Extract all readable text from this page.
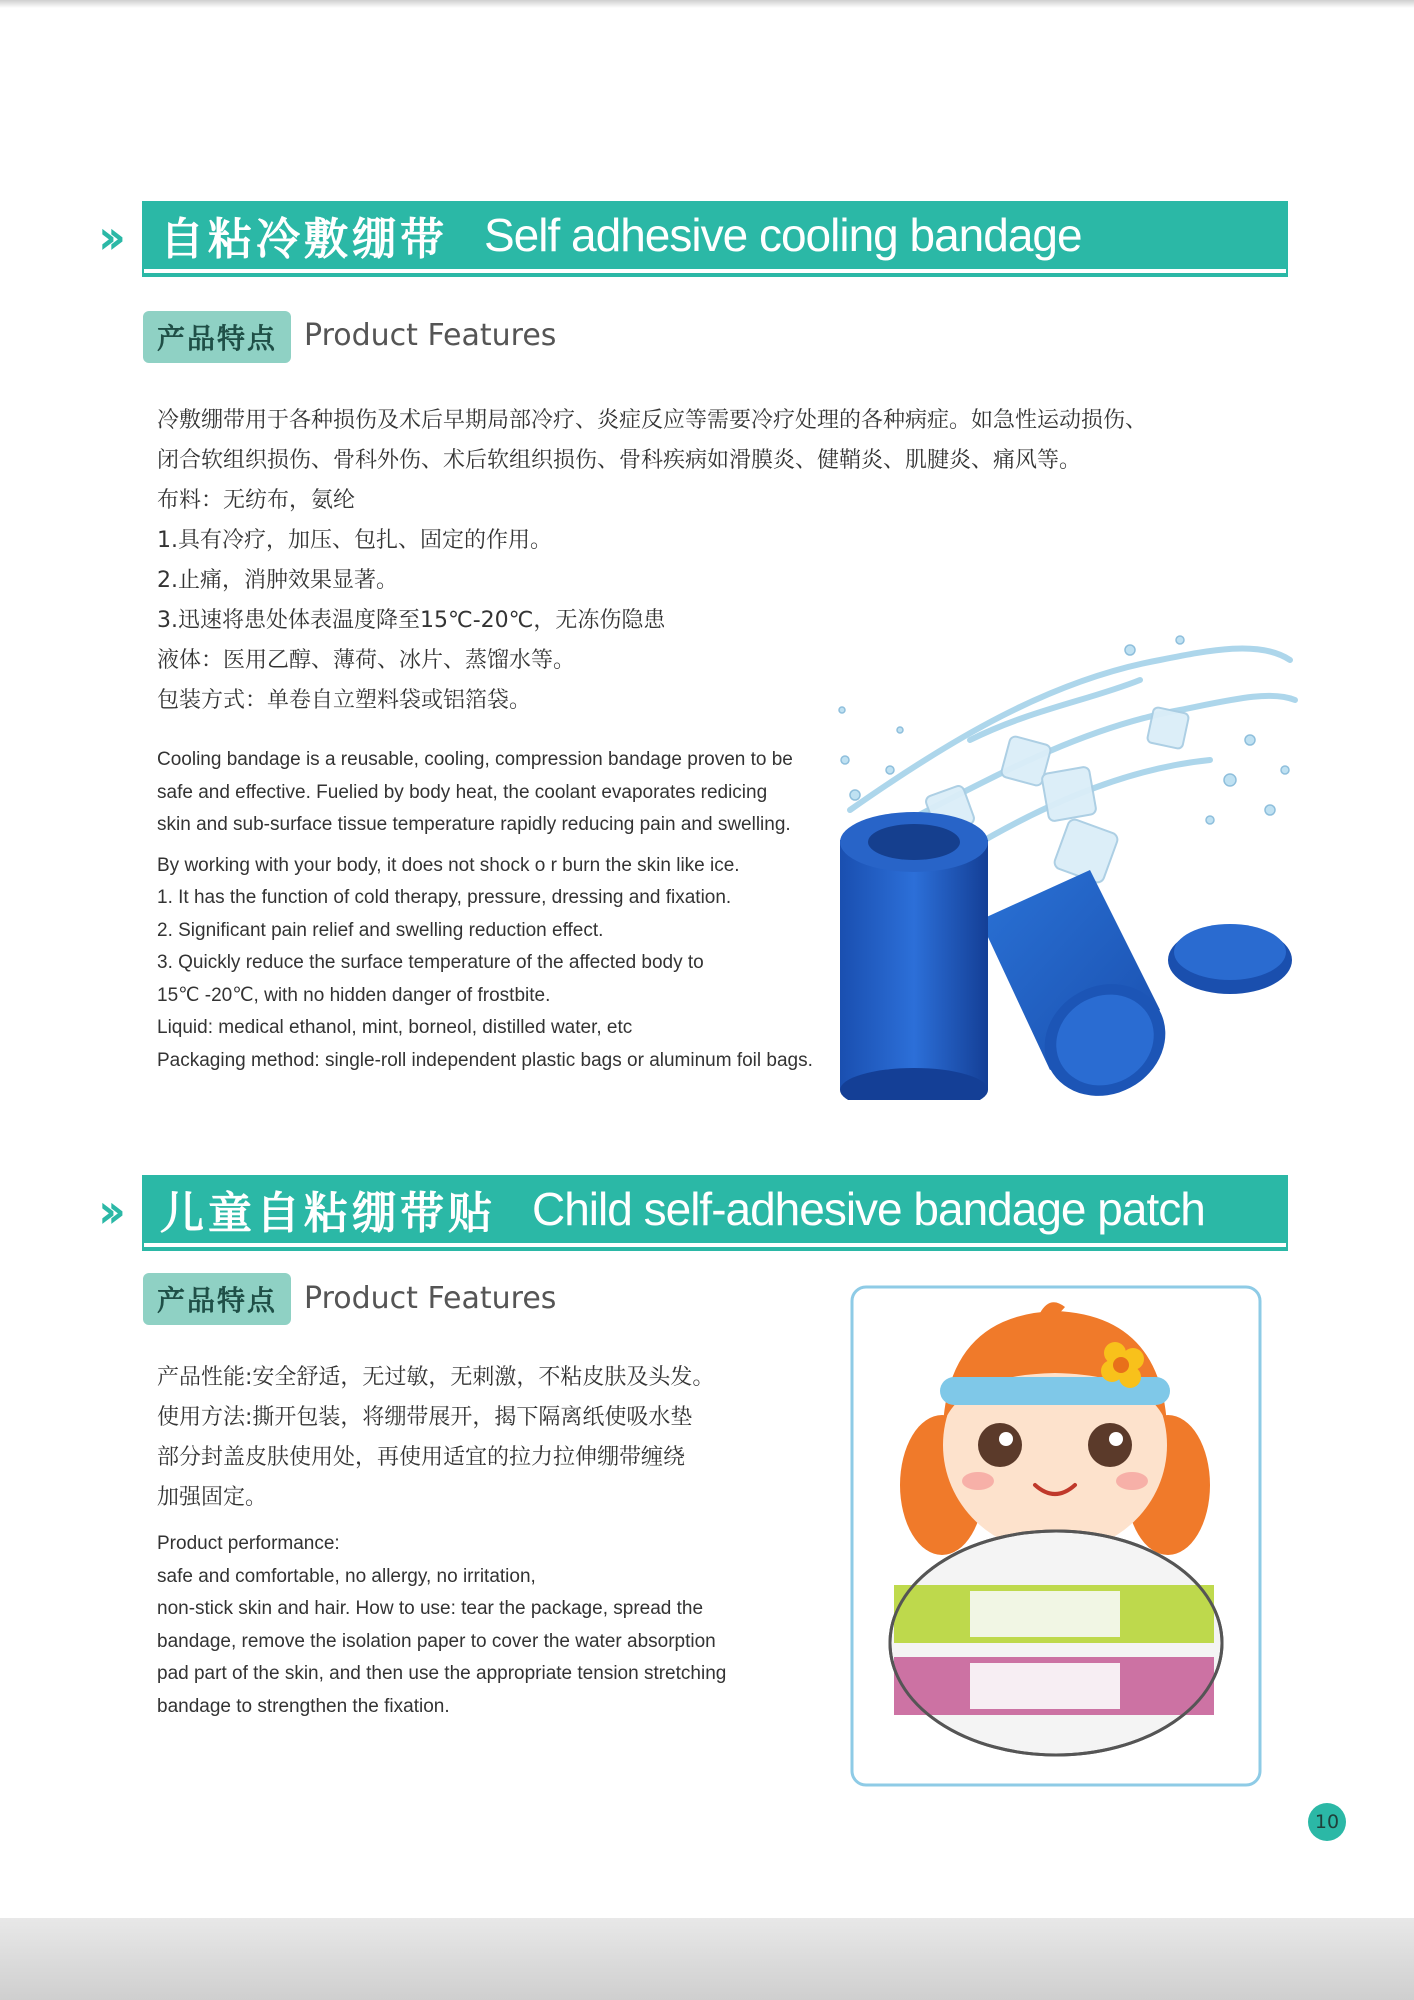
››	自粘冷敷绷带 Self adhesive cooling bandage
产品特点 Product Features
冷敷绷带用于各种损伤及术后早期局部冷疗、炎症反应等需要冷疗处理的各种病症。如急性运动损伤、
闭合软组织损伤、骨科外伤、术后软组织损伤、骨科疾病如滑膜炎、健鞘炎、肌腱炎、痛风等。
布料：无纺布，氨纶
1.具有冷疗，加压、包扎、固定的作用。
2.止痛，消肿效果显著。
3.迅速将患处体表温度降至15℃-20℃，无冻伤隐患
液体：医用乙醇、薄荷、冰片、蒸馏水等。
包装方式：单卷自立塑料袋或铝箔袋。
Cooling bandage is a reusable, cooling, compression bandage proven to be
safe and effective. Fuelied by body heat, the coolant evaporates redicing
skin and sub-surface tissue temperature rapidly reducing pain and swelling.
By working with your body, it does not shock o r burn the skin like ice.
1. It has the function of cold therapy, pressure, dressing and fixation.
2. Significant pain relief and swelling reduction effect.
3. Quickly reduce the surface temperature of the affected body to
15℃ -20℃, with no hidden danger of frostbite.
Liquid: medical ethanol, mint, borneol, distilled water, etc
Packaging method: single-roll independent plastic bags or aluminum foil bags.
››	儿童自粘绷带贴 Child self-adhesive bandage patch
产品特点 Product Features
产品性能:安全舒适，无过敏，无刺激，不粘皮肤及头发。
使用方法:撕开包装，将绷带展开，揭下隔离纸使吸水垫
部分封盖皮肤使用处，再使用适宜的拉力拉伸绷带缠绕
加强固定。
Product performance:
safe and comfortable, no allergy, no irritation,
non-stick skin and hair. How to use: tear the package, spread the
bandage, remove the isolation paper to cover the water absorption
pad part of the skin, and then use the appropriate tension stretching
bandage to strengthen the fixation.
10
